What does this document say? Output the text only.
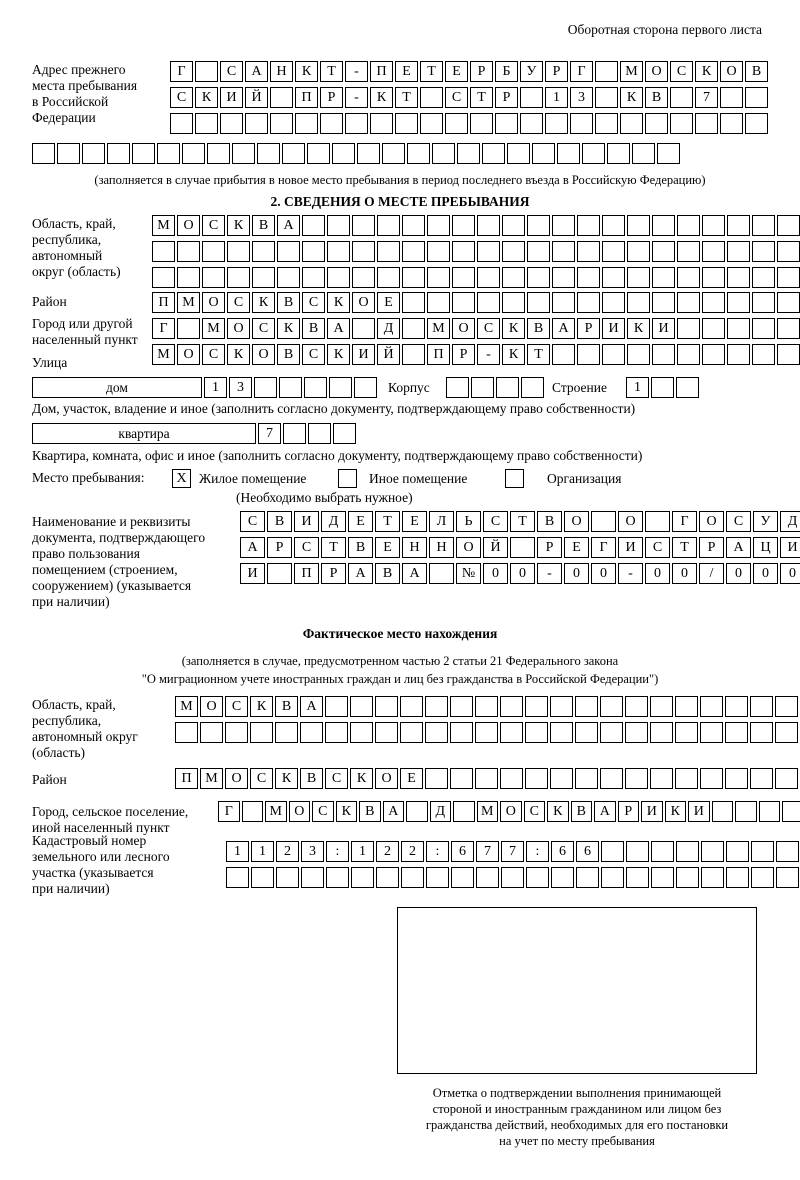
Оборотная сторона первого листа
Адрес прежнего
места пребывания
в Российской
Федерации
Г	С	А	Н	К	Т	-	П	Е	Т	Е	Р	Б	У	Р	Г	М О	С	К	О	В
С	К	И	Й	П	Р	-	К	Т	С	Т	Р	1	3	К	В	7
(заполняется в случае прибытия в новое место пребывания в период последнего въезда в Российскую Федерацию)
2. СВЕДЕНИЯ О МЕСТЕ ПРЕБЫВАНИЯ
Область, край,
республика,
автономный
округ (область)
М О	С	К	В	А
Район	П М О	С	К	В	С	К	О	Е
Город или другой
населенный пункт
Г	М О	С	К	В	А	Д	М О	С	К	В	А	Р	И	К	И
Улица
М О	С	К	О	В	С	К	И	Й	П	Р	-	К	Т
дом	1	3	Корпус	Строение	1
Дом, участок, владение и иное (заполнить согласно документу, подтверждающему право собственности)
квартира	7
Квартира, комната, офис и иное (заполнить согласно документу, подтверждающему право собственности)
Место пребывания:	X Жилое помещение	Иное помещение	Организация
(Необходимо выбрать нужное)
Наименование и реквизиты
документа, подтверждающего
право пользования
помещением (строением,
сооружением) (указывается
при наличии)
С	В	И	Д	Е	Т	Е	Л	Ь	С	Т	В	О	О	Г	О	С	У	Д
А	Р	С	Т	В	Е	Н	Н	О	Й	Р	Е	Г	И	С	Т	Р	А	Ц	И
И	П	Р	А	В	А	№	0	0	-	0	0	-	0	0	/	0	0	0
Фактическое место нахождения
(заполняется в случае, предусмотренном частью 2 статьи 21 Федерального закона
"О миграционном учете иностранных граждан и лиц без гражданства в Российской Федерации")
Область, край,
республика,
автономный округ
(область)
М О	С	К	В	А
Район	П М О	С	К	В	С	К	О	Е
Город, сельское поселение,
иной населенный пункт
Г	М О С	К	В А	Д	М О С	К	В А	Р	И К И
Кадастровый номер
земельного или лесного
участка (указывается
при наличии)
1	1	2	3	:	1	2	2	:	6	7	7	:	6	6
Отметка о подтверждении выполнения принимающей
стороной и иностранным гражданином или лицом без
гражданства действий, необходимых для его постановки
на учет по месту пребывания
